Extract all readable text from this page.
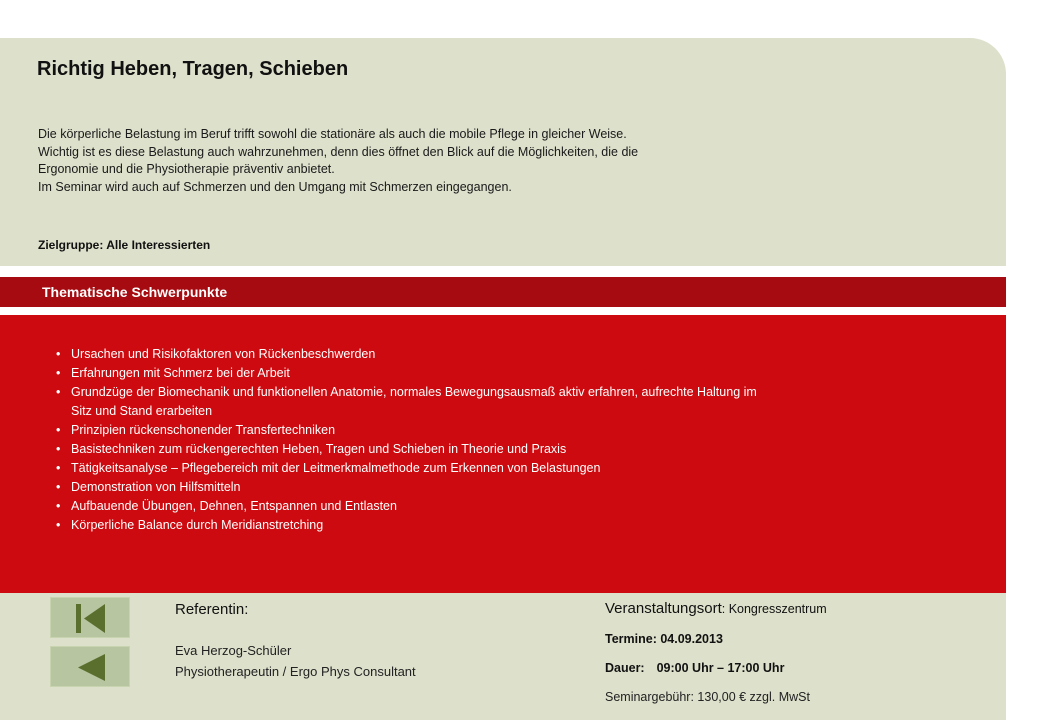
Richtig Heben, Tragen, Schieben
Die körperliche Belastung im Beruf trifft sowohl die stationäre als auch die mobile Pflege in gleicher Weise.
Wichtig ist es diese Belastung auch wahrzunehmen, denn dies öffnet den Blick auf die Möglichkeiten, die die
Ergonomie und die Physiotherapie präventiv anbietet.
Im Seminar wird auch auf Schmerzen und den Umgang mit Schmerzen eingegangen.
Zielgruppe: Alle Interessierten
Thematische Schwerpunkte
• Ursachen und Risikofaktoren von Rückenbeschwerden
• Erfahrungen mit Schmerz bei der Arbeit
• Grundzüge der Biomechanik und funktionellen Anatomie, normales Bewegungsausmaß aktiv erfahren, aufrechte Haltung im
Sitz und Stand erarbeiten
• Prinzipien rückenschonender Transfertechniken
• Basistechniken zum rückengerechten Heben, Tragen und Schieben in Theorie und Praxis
• Tätigkeitsanalyse – Pflegebereich mit der Leitmerkmalmethode zum Erkennen von Belastungen
• Demonstration von Hilfsmitteln
• Aufbauende Übungen, Dehnen, Entspannen und Entlasten
• Körperliche Balance durch Meridianstretching
Referentin:
Eva Herzog-Schüler
Physiotherapeutin / Ergo Phys Consultant
Veranstaltungsort: Kongresszentrum
Termine: 04.09.2013
Dauer: 09:00 Uhr – 17:00 Uhr
Seminargebühr: 130,00 € zzgl. MwSt
